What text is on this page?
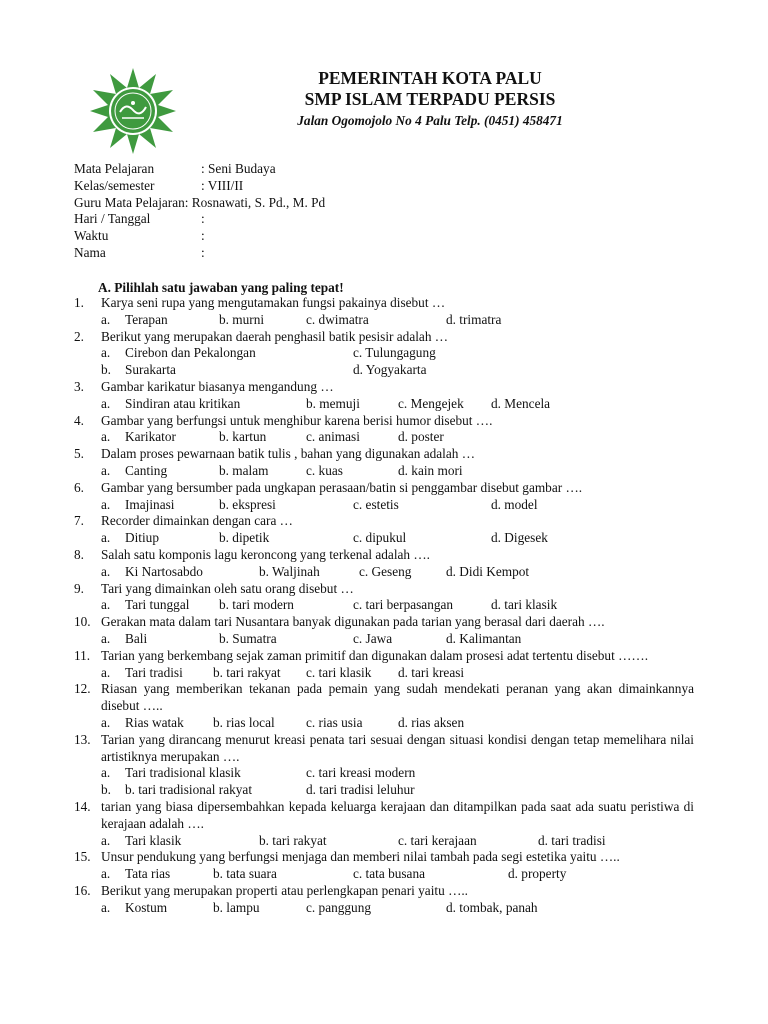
PEMERINTAH KOTA PALU
SMP ISLAM TERPADU PERSIS
Jalan Ogomojolo No 4 Palu Telp. (0451) 458471
Mata Pelajaran	: Seni Budaya
Kelas/semester	: VIII/II
Guru Mata Pelajaran: Rosnawati, S. Pd., M. Pd
Hari / Tanggal	:
Waktu	:
Nama	:
A. Pilihlah satu jawaban yang paling tepat!
1. Karya seni rupa yang mengutamakan fungsi pakainya disebut …
a. Terapan	b. murni	c. dwimatra	d. trimatra
2. Berikut yang merupakan daerah penghasil batik pesisir adalah …
a. Cirebon dan Pekalongan	c. Tulungagung
b. Surakarta	d. Yogyakarta
3. Gambar karikatur biasanya mengandung …
a. Sindiran atau kritikan	b. memuji	c. Mengejek d. Mencela
4. Gambar yang berfungsi untuk menghibur karena berisi humor disebut ….
a. Karikator	b. kartun	c. animasi	d. poster
5. Dalam proses pewarnaan batik tulis , bahan yang digunakan adalah …
a. Canting	b. malam	c. kuas	d. kain mori
6. Gambar yang bersumber pada ungkapan perasaan/batin si penggambar disebut gambar ….
a. Imajinasi	b. ekspresi	c. estetis	d. model
7. Recorder dimainkan dengan cara …
a. Ditiup	b. dipetik	c. dipukul	d. Digesek
8. Salah satu komponis lagu keroncong yang terkenal adalah ….
a. Ki Nartosabdo	b. Waljinah	c. Geseng	d. Didi Kempot
9. Tari yang dimainkan oleh satu orang disebut …
a. Tari tunggal b. tari modern	c. tari berpasangan	d. tari klasik
10. Gerakan mata dalam tari Nusantara banyak digunakan pada tarian yang berasal dari daerah ….
a. Bali	b. Sumatra	c. Jawa	d. Kalimantan
11. Tarian yang berkembang sejak zaman primitif dan digunakan dalam prosesi adat tertentu disebut …….
a. Tari tradisi b. tari rakyat c. tari klasik d. tari kreasi
12. Riasan yang memberikan tekanan pada pemain yang sudah mendekati peranan yang akan dimainkannya disebut …..
a. Rias watak b. rias local c. rias usia	d. rias aksen
13. Tarian yang dirancang menurut kreasi penata tari sesuai dengan situasi kondisi dengan tetap memelihara nilai artistiknya merupakan ….
a. Tari tradisional klasik	c. tari kreasi modern
b. b. tari tradisional rakyat	d. tari tradisi leluhur
14. tarian yang biasa dipersembahkan kepada keluarga kerajaan dan ditampilkan pada saat ada suatu peristiwa di kerajaan adalah ….
a. Tari klasik	b. tari rakyat	c. tari kerajaan	d. tari tradisi
15. Unsur pendukung yang berfungsi menjaga dan memberi nilai tambah pada segi estetika yaitu …..
a. Tata rias	b. tata suara	c. tata busana	d. property
16. Berikut yang merupakan properti atau perlengkapan penari yaitu …..
a. Kostum	b. lampu	c. panggung	d. tombak, panah
